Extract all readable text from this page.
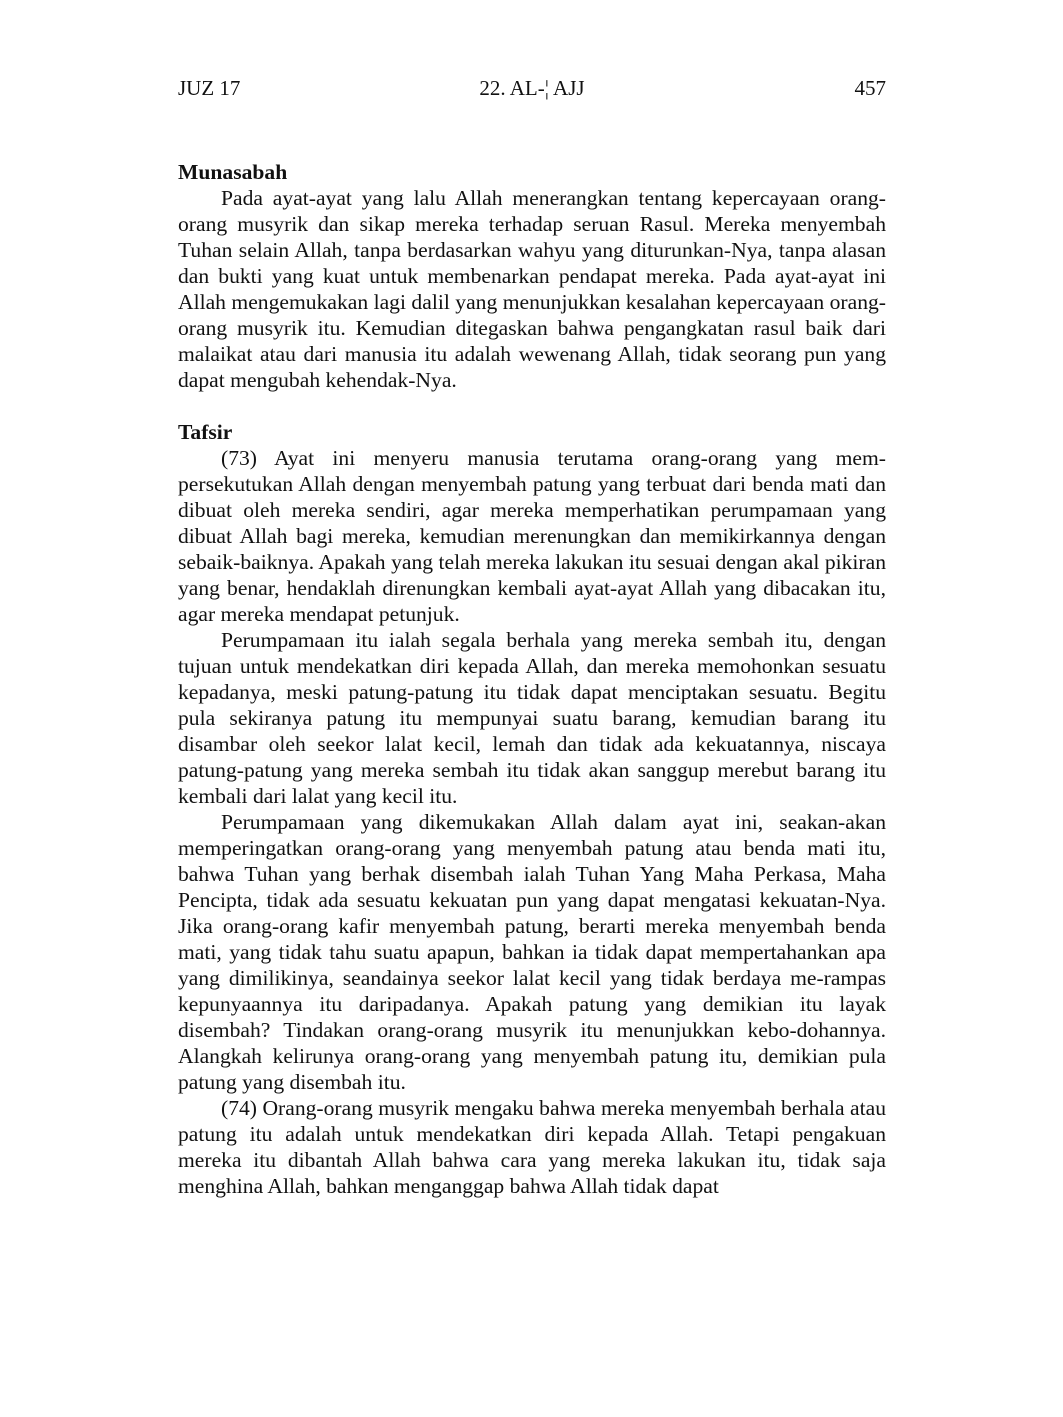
JUZ 17	22. AL-¦ AJJ	457
Munasabah

Pada ayat-ayat yang lalu Allah menerangkan tentang kepercayaan orang-orang musyrik dan sikap mereka terhadap seruan Rasul. Mereka menyembah Tuhan selain Allah, tanpa berdasarkan wahyu yang diturunkan-Nya, tanpa alasan dan bukti yang kuat untuk membenarkan pendapat mereka. Pada ayat-ayat ini Allah mengemukakan lagi dalil yang menunjukkan kesalahan kepercayaan orang-orang musyrik itu. Kemudian ditegaskan bahwa pengangkatan rasul baik dari malaikat atau dari manusia itu adalah wewenang Allah, tidak seorang pun yang dapat mengubah kehendak-Nya.

Tafsir

(73) Ayat ini menyeru manusia terutama orang-orang yang mem-persekutukan Allah dengan menyembah patung yang terbuat dari benda mati dan dibuat oleh mereka sendiri, agar mereka memperhatikan perumpamaan yang dibuat Allah bagi mereka, kemudian merenungkan dan memikirkannya dengan sebaik-baiknya. Apakah yang telah mereka lakukan itu sesuai dengan akal pikiran yang benar, hendaklah direnungkan kembali ayat-ayat Allah yang dibacakan itu, agar mereka mendapat petunjuk.

Perumpamaan itu ialah segala berhala yang mereka sembah itu, dengan tujuan untuk mendekatkan diri kepada Allah, dan mereka memohonkan sesuatu kepadanya, meski patung-patung itu tidak dapat menciptakan sesuatu. Begitu pula sekiranya patung itu mempunyai suatu barang, kemudian barang itu disambar oleh seekor lalat kecil, lemah dan tidak ada kekuatannya, niscaya patung-patung yang mereka sembah itu tidak akan sanggup merebut barang itu kembali dari lalat yang kecil itu.

Perumpamaan yang dikemukakan Allah dalam ayat ini, seakan-akan memperingatkan orang-orang yang menyembah patung atau benda mati itu, bahwa Tuhan yang berhak disembah ialah Tuhan Yang Maha Perkasa, Maha Pencipta, tidak ada sesuatu kekuatan pun yang dapat mengatasi kekuatan-Nya. Jika orang-orang kafir menyembah patung, berarti mereka menyembah benda mati, yang tidak tahu suatu apapun, bahkan ia tidak dapat mempertahankan apa yang dimilikinya, seandainya seekor lalat kecil yang tidak berdaya me-rampas kepunyaannya itu daripadanya. Apakah patung yang demikian itu layak disembah? Tindakan orang-orang musyrik itu menunjukkan kebo-dohannya. Alangkah kelirunya orang-orang yang menyembah patung itu, demikian pula patung yang disembah itu.

(74) Orang-orang musyrik mengaku bahwa mereka menyembah berhala atau patung itu adalah untuk mendekatkan diri kepada Allah. Tetapi pengakuan mereka itu dibantah Allah bahwa cara yang mereka lakukan itu, tidak saja menghina Allah, bahkan menganggap bahwa Allah tidak dapat
